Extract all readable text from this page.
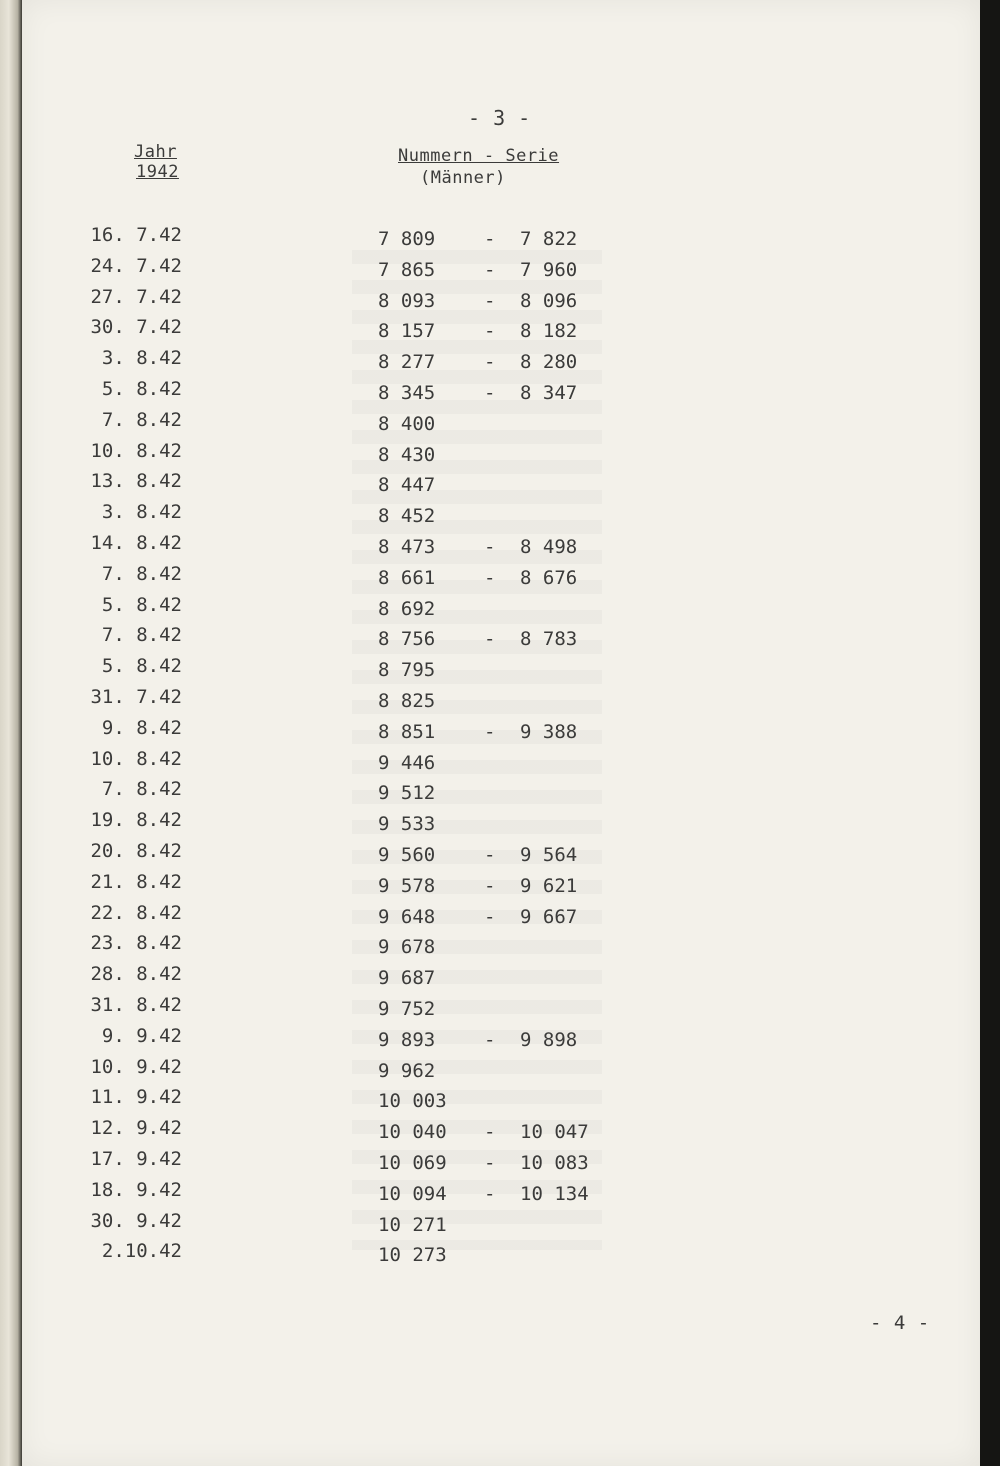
- 3 -
Jahr
1942
Nummern - Serie
(Männer)
16. 7.42	7 809	- 7 822
24. 7.42	7 865	- 7 960
27. 7.42	8 093	- 8 096
30. 7.42	8 157	- 8 182
3. 8.42	8 277	- 8 280
5. 8.42	8 345	- 8 347
7. 8.42	8 400
10. 8.42	8 430
13. 8.42	8 447
3. 8.42	8 452
14. 8.42	8 473	- 8 498
7. 8.42	8 661	- 8 676
5. 8.42	8 692
7. 8.42	8 756	- 8 783
5. 8.42	8 795
31. 7.42	8 825
9. 8.42	8 851	- 9 388
10. 8.42	9 446
7. 8.42	9 512
19. 8.42	9 533
20. 8.42	9 560	- 9 564
21. 8.42	9 578	- 9 621
22. 8.42	9 648	- 9 667
23. 8.42	9 678
28. 8.42	9 687
31. 8.42	9 752
9. 9.42	9 893	- 9 898
10. 9.42	9 962
11. 9.42	10 003
12. 9.42	10 040 - 10 047
17. 9.42	10 069 - 10 083
18. 9.42	10 094 - 10 134
30. 9.42	10 271
2.10.42	10 273
- 4 -
